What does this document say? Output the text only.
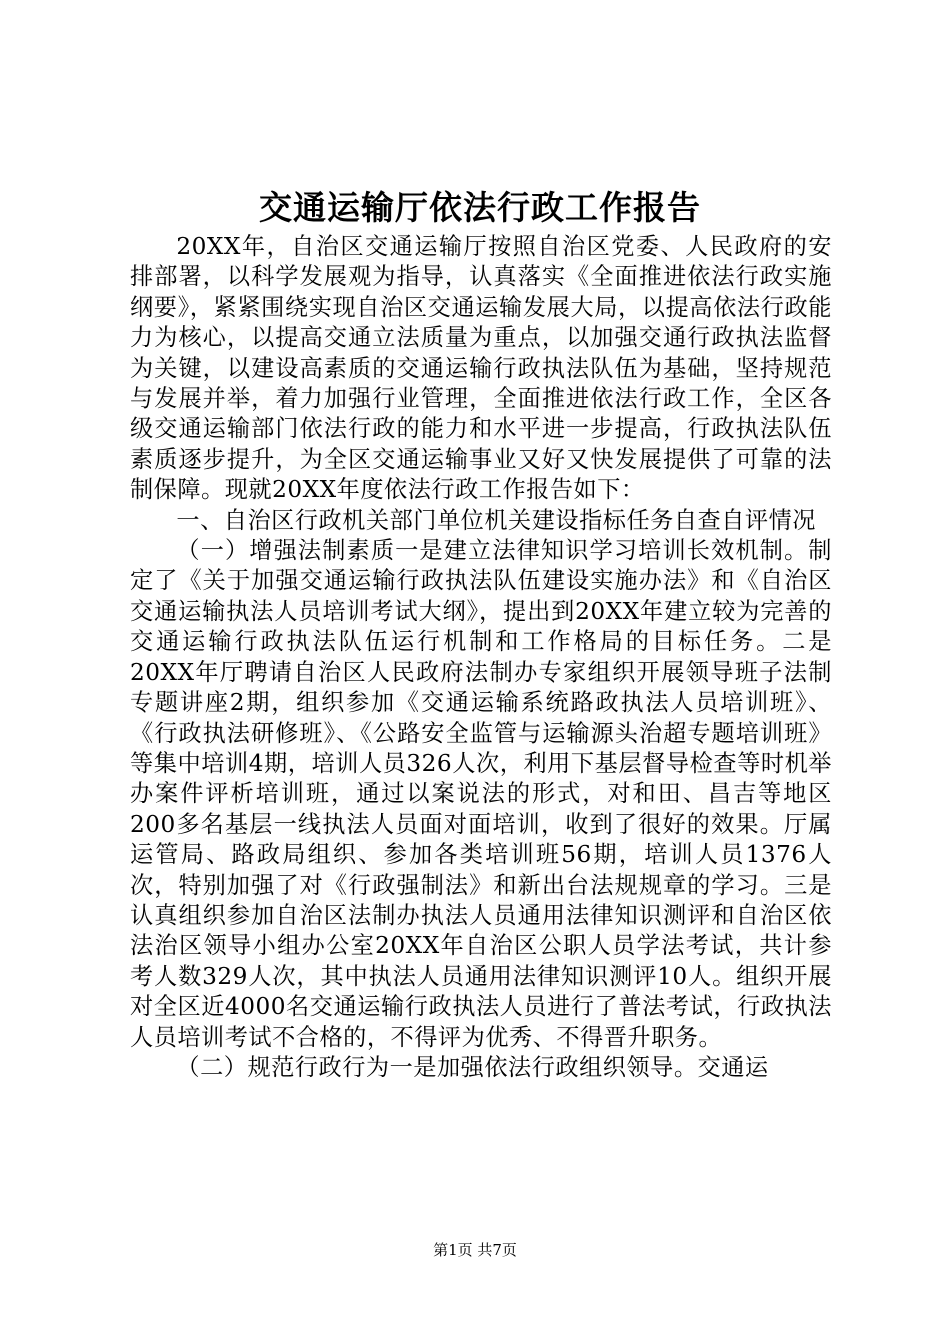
交通运输厅依法行政工作报告

20XX年，自治区交通运输厅按照自治区党委、人民政府的安排部署，以科学发展观为指导，认真落实《全面推进依法行政实施纲要》，紧紧围绕实现自治区交通运输发展大局，以提高依法行政能力为核心，以提高交通立法质量为重点，以加强交通行政执法监督为关键，以建设高素质的交通运输行政执法队伍为基础，坚持规范与发展并举，着力加强行业管理，全面推进依法行政工作，全区各级交通运输部门依法行政的能力和水平进一步提高，行政执法队伍素质逐步提升，为全区交通运输事业又好又快发展提供了可靠的法制保障。现就20XX年度依法行政工作报告如下：

一、自治区行政机关部门单位机关建设指标任务自查自评情况

（一）增强法制素质一是建立法律知识学习培训长效机制。制定了《关于加强交通运输行政执法队伍建设实施办法》和《自治区交通运输执法人员培训考试大纲》，提出到20XX年建立较为完善的交通运输行政执法队伍运行机制和工作格局的目标任务。二是20XX年厅聘请自治区人民政府法制办专家组织开展领导班子法制专题讲座2期，组织参加《交通运输系统路政执法人员培训班》、《行政执法研修班》、《公路安全监管与运输源头治超专题培训班》等集中培训4期，培训人员326人次，利用下基层督导检查等时机举办案件评析培训班，通过以案说法的形式，对和田、昌吉等地区200多名基层一线执法人员面对面培训，收到了很好的效果。厅属运管局、路政局组织、参加各类培训班56期，培训人员1376人次，特别加强了对《行政强制法》和新出台法规规章的学习。三是认真组织参加自治区法制办执法人员通用法律知识测评和自治区依法治区领导小组办公室20XX年自治区公职人员学法考试，共计参考人数329人次，其中执法人员通用法律知识测评10人。组织开展对全区近4000名交通运输行政执法人员进行了普法考试，行政执法人员培训考试不合格的，不得评为优秀、不得晋升职务。

（二）规范行政行为一是加强依法行政组织领导。交通运

第1页 共7页
